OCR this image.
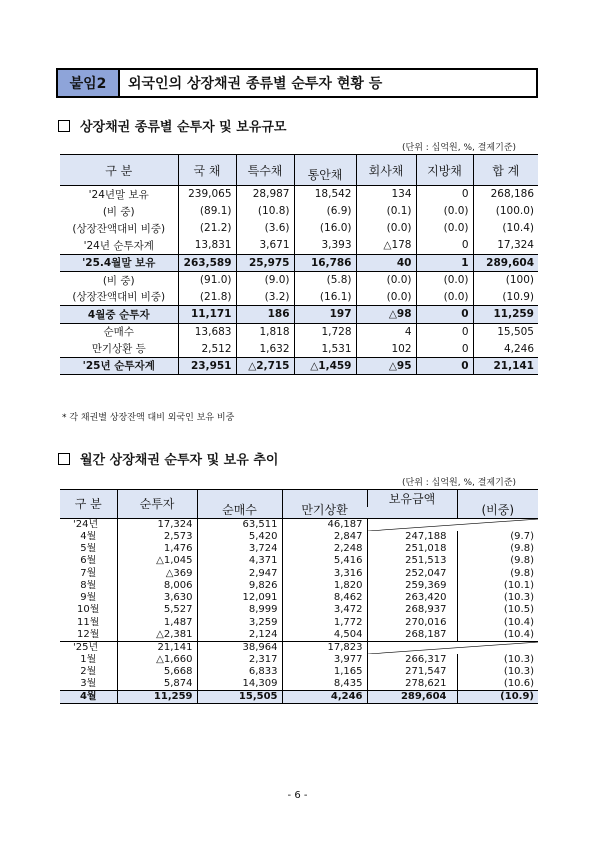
붙임2	외국인의 상장채권 종류별 순투자 현황 등
상장채권 종류별 순투자 및 보유규모
(단위 : 십억원, %, 결제기준)
구 분	국 채	특수채	통안채	회사채	지방채	합 계
'24년말 보유	239,065	28,987	18,542	134	0	268,186
(비 중)	(89.1)	(10.8)	(6.9)	(0.1)	(0.0)	(100.0)
(상장잔액대비 비중)	(21.2)	(3.6)	(16.0)	(0.0)	(0.0)	(10.4)
'24년 순투자계	13,831	3,671	3,393	△178	0	17,324
'25.4월말 보유	263,589	25,975	16,786	40	1	289,604
(비 중)	(91.0)	(9.0)	(5.8)	(0.0)	(0.0)	(100)
(상장잔액대비 비중)	(21.8)	(3.2)	(16.1)	(0.0)	(0.0)	(10.9)
4월중 순투자	11,171	186	197	△98	0	11,259
순매수	13,683	1,818	1,728	4	0	15,505
만기상환 등	2,512	1,632	1,531	102	0	4,246
'25년 순투자계	23,951	△2,715	△1,459	△95	0	21,141
* 각 채권별 상장잔액 대비 외국인 보유 비중
월간 상장채권 순투자 및 보유 추이
(단위 : 십억원, %, 결제기준)
구 분	순투자	순매수	만기상환	보유금액	(비중)

'24년	17,324	63,511	46,187	

4월	2,573	5,420	2,847	247,188	(9.7)
5월	1,476	3,724	2,248	251,018	(9.8)
6월	△1,045	4,371	5,416	251,513	(9.8)
7월	△369	2,947	3,316	252,047	(9.8)
8월	8,006	9,826	1,820	259,369	(10.1)
9월	3,630	12,091	8,462	263,420	(10.3)
10월	5,527	8,999	3,472	268,937	(10.5)
11월	1,487	3,259	1,772	270,016	(10.4)
12월	△2,381	2,124	4,504	268,187	(10.4)
'25년	21,141	38,964	17,823	

1월	△1,660	2,317	3,977	266,317	(10.3)
2월	5,668	6,833	1,165	271,547	(10.3)
3월	5,874	14,309	8,435	278,621	(10.6)
4월	11,259	15,505	4,246	289,604	(10.9)
- 6 -
